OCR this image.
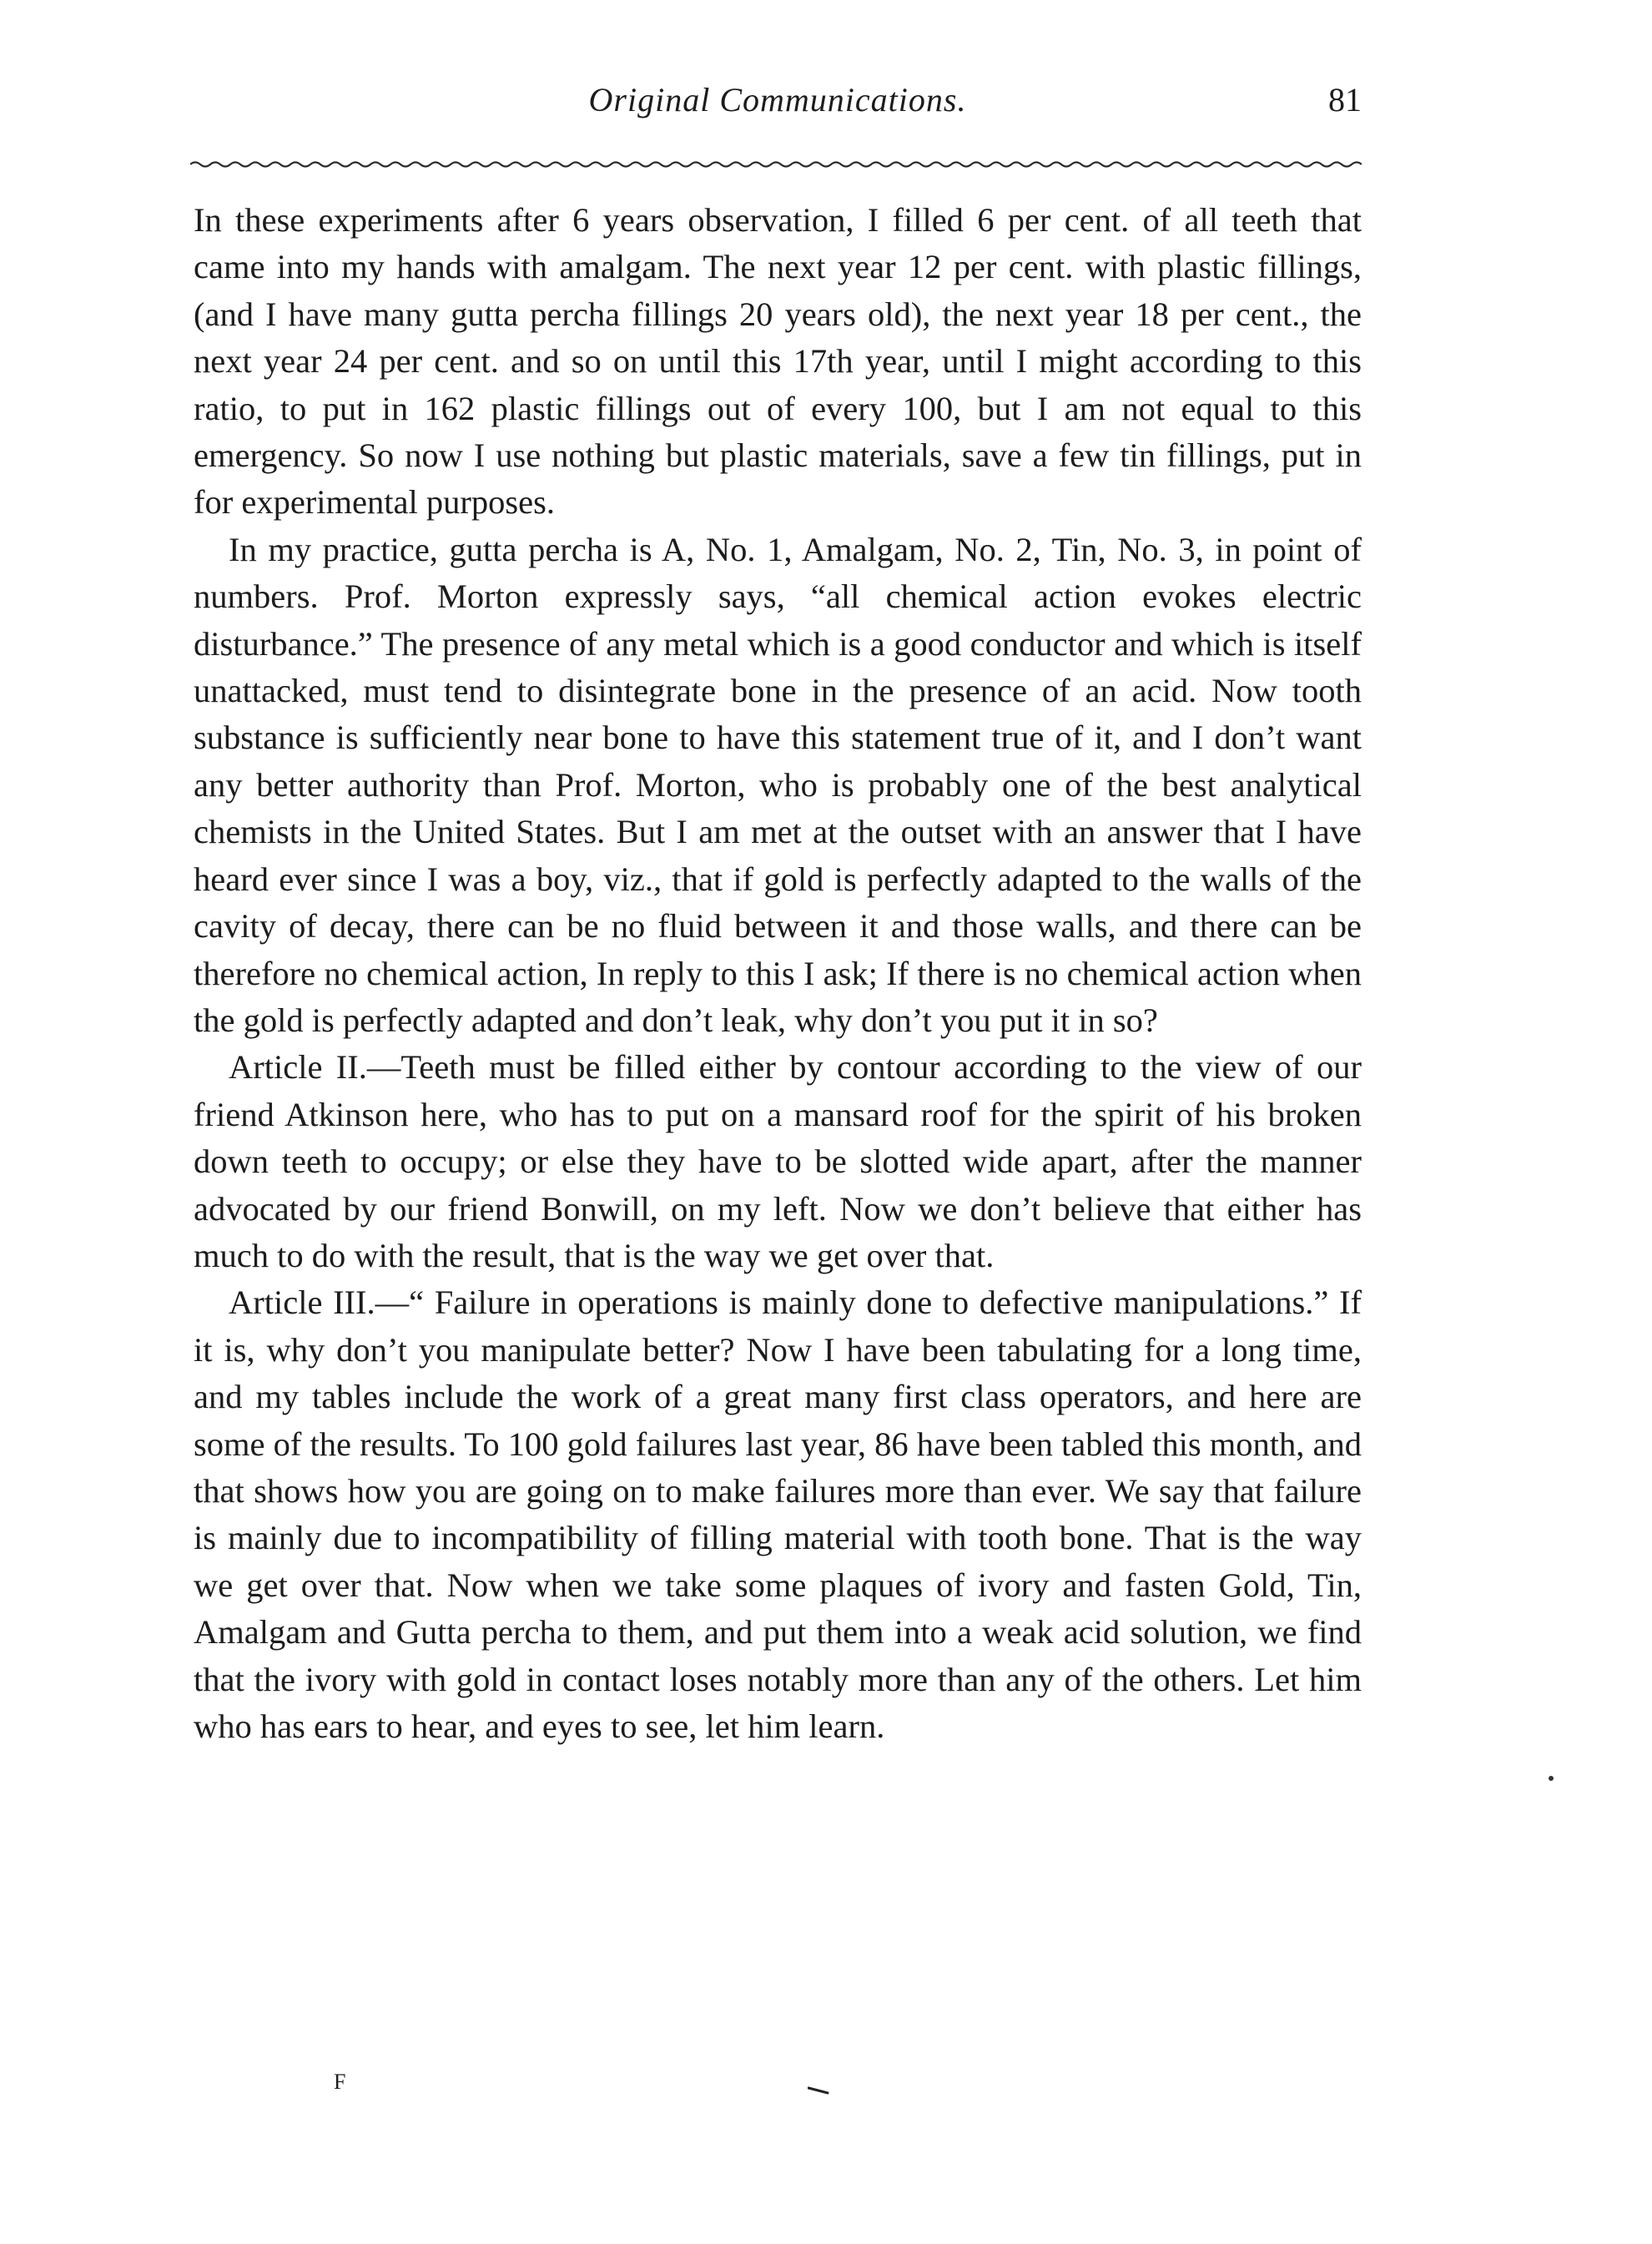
Original Communications.	81

In these experiments after 6 years observation, I filled 6 per cent. of all teeth that came into my hands with amalgam. The next year 12 per cent. with plastic fillings, (and I have many gutta percha fillings 20 years old), the next year 18 per cent., the next year 24 per cent. and so on until this 17th year, until I might according to this ratio, to put in 162 plastic fillings out of every 100, but I am not equal to this emergency. So now I use nothing but plastic materials, save a few tin fillings, put in for experimental purposes.

In my practice, gutta percha is A, No. 1, Amalgam, No. 2, Tin, No. 3, in point of numbers. Prof. Morton expressly says, “all chemical action evokes electric disturbance.” The presence of any metal which is a good conductor and which is itself unattacked, must tend to disintegrate bone in the presence of an acid. Now tooth substance is sufficiently near bone to have this statement true of it, and I don’t want any better authority than Prof. Morton, who is probably one of the best analytical chemists in the United States. But I am met at the outset with an answer that I have heard ever since I was a boy, viz., that if gold is perfectly adapted to the walls of the cavity of decay, there can be no fluid between it and those walls, and there can be therefore no chemical action, In reply to this I ask; If there is no chemical action when the gold is perfectly adapted and don’t leak, why don’t you put it in so?

Article II.—Teeth must be filled either by contour according to the view of our friend Atkinson here, who has to put on a mansard roof for the spirit of his broken down teeth to occupy; or else they have to be slotted wide apart, after the manner advocated by our friend Bonwill, on my left. Now we don’t believe that either has much to do with the result, that is the way we get over that.

Article III.—“ Failure in operations is mainly done to defective manipulations.” If it is, why don’t you manipulate better? Now I have been tabulating for a long time, and my tables include the work of a great many first class operators, and here are some of the results. To 100 gold failures last year, 86 have been tabled this month, and that shows how you are going on to make failures more than ever. We say that failure is mainly due to incompatibility of filling material with tooth bone. That is the way we get over that. Now when we take some plaques of ivory and fasten Gold, Tin, Amalgam and Gutta percha to them, and put them into a weak acid solution, we find that the ivory with gold in contact loses notably more than any of the others. Let him who has ears to hear, and eyes to see, let him learn.

F
